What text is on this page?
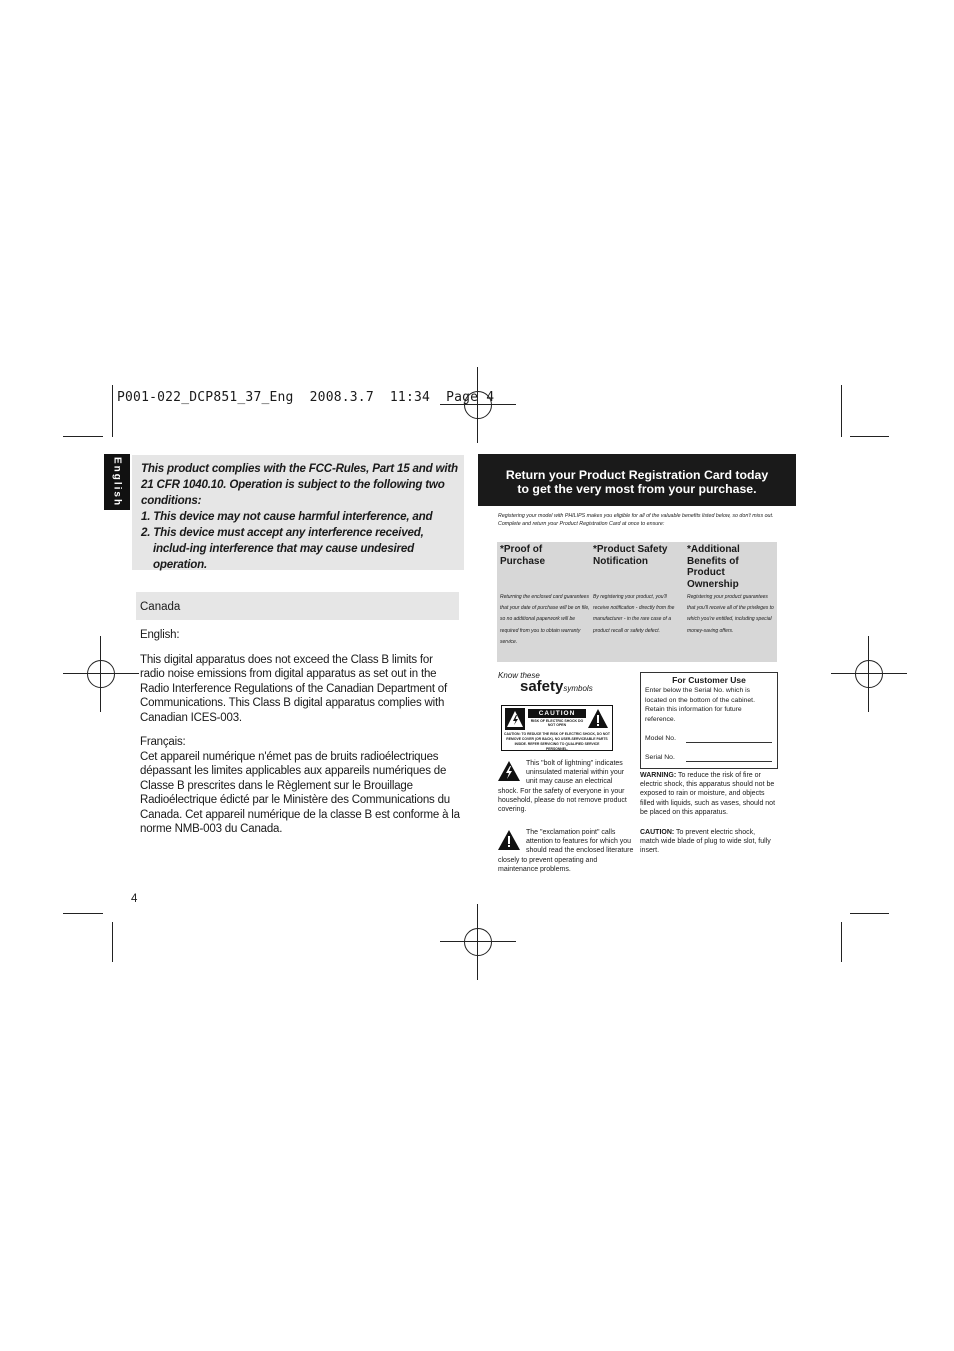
P001-022_DCP851_37_Eng  2008.3.7  11:34  Page 4
English This product complies with the FCC-Rules, Part 15 and with 21 CFR 1040.10. Operation is subject to the following two conditions:
1. This device may not cause harmful interference, and
2. This device must accept any interference received, includ-ing interference that may cause undesired operation.
Canada

English:

This digital apparatus does not exceed the Class B limits for radio noise emissions from digital apparatus as set out in the Radio Interference Regulations of the Canadian Department of Communications. This Class B digital apparatus complies with Canadian ICES-003.

Français:

Cet appareil numérique n'émet pas de bruits radioélectriques dépassant les limites applicables aux appareils numériques de Classe B prescrites dans le Règlement sur le Brouillage Radioélectrique édicté par le Ministère des Communications du Canada. Cet appareil numérique de la classe B est conforme à la norme NMB-003 du Canada.

4
Return your Product Registration Card today
to get the very most from your purchase.
Registering your model with PHILIPS makes you eligible for all of the valuable benefits listed below, so don't miss out. Complete and return your Product Registration Card at once to ensure:
*Proof of Purchase
Returning the enclosed card guarantees that your date of purchase will be on file, so no additional paperwork will be required from you to obtain warranty service.
*Product Safety Notification
By registering your product, you'll receive notification - directly from the manufacturer - in the rare case of a product recall or safety defect.
*Additional Benefits of Product Ownership
Registering your product guarantees that you'll receive all of the privileges to which you're entitled, including special money-saving offers.
Know these
safetysymbols
CAUTION
RISK OF ELECTRIC SHOCK DO NOT OPEN
CAUTION: TO REDUCE THE RISK OF ELECTRIC SHOCK, DO NOT REMOVE COVER (OR BACK). NO USER-SERVICEABLE PARTS INSIDE. REFER SERVICING TO QUALIFIED SERVICE PERSONNEL.
This "bolt of lightning" indicates uninsulated material within your unit may cause an electrical shock. For the safety of everyone in your household, please do not remove product covering.
The "exclamation point" calls attention to features for which you should read the enclosed literature closely to prevent operating and maintenance problems.
For Customer Use
Enter below the Serial No. which is located on the bottom of the cabinet. Retain this information for future reference.
Model No.
Serial No.
WARNING: To reduce the risk of fire or electric shock, this apparatus should not be exposed to rain or moisture, and objects filled with liquids, such as vases, should not be placed on this apparatus.
CAUTION: To prevent electric shock, match wide blade of plug to wide slot, fully insert.
